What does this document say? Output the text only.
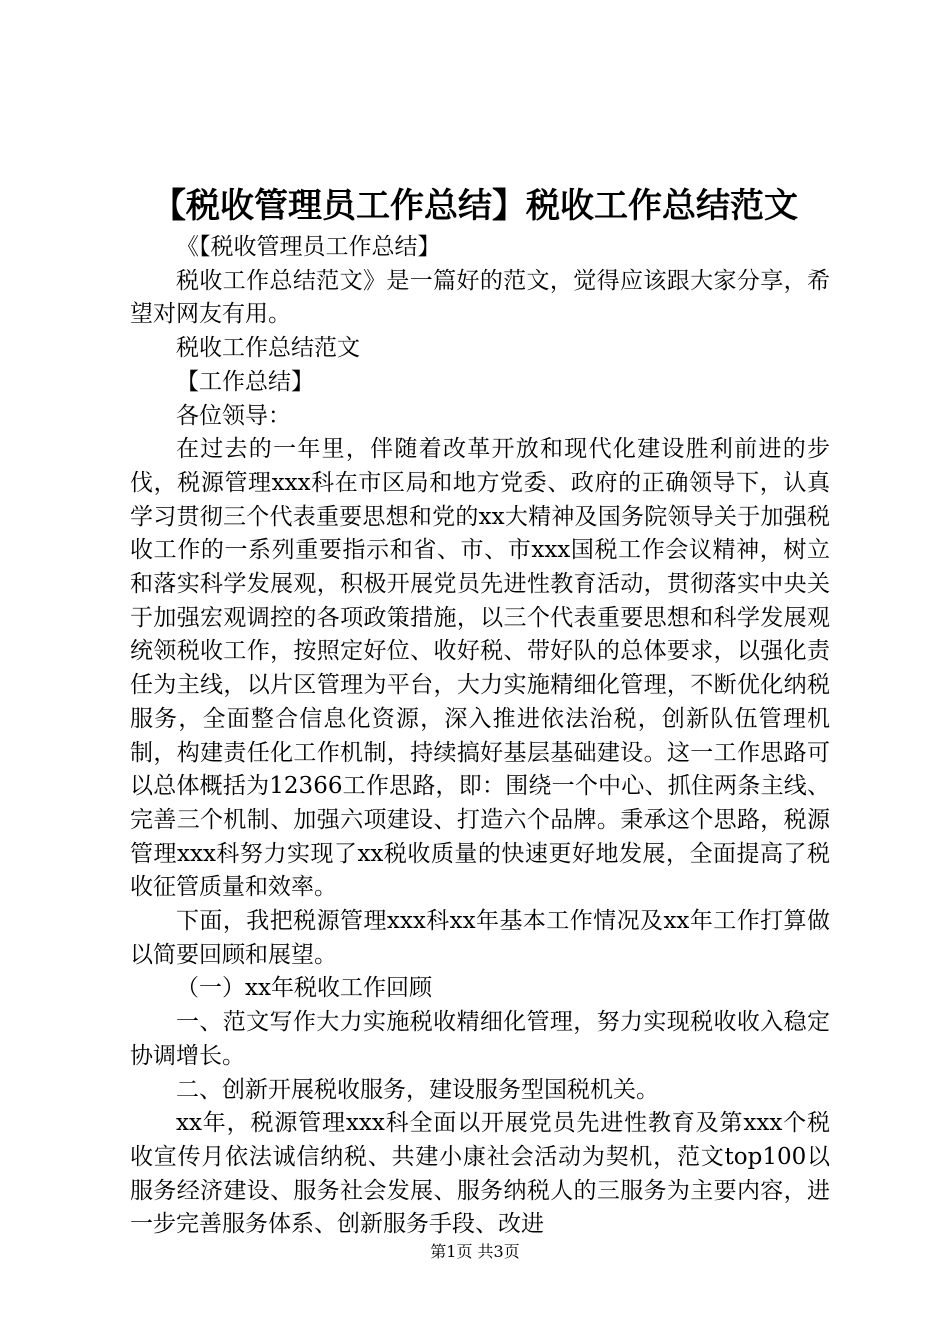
【税收管理员工作总结】税收工作总结范文

《【税收管理员工作总结】

税收工作总结范文》是一篇好的范文，觉得应该跟大家分享，希望对网友有用。

税收工作总结范文

【工作总结】

各位领导：

在过去的一年里，伴随着改革开放和现代化建设胜利前进的步伐，税源管理xxx科在市区局和地方党委、政府的正确领导下，认真学习贯彻三个代表重要思想和党的xx大精神及国务院领导关于加强税收工作的一系列重要指示和省、市、市xxx国税工作会议精神，树立和落实科学发展观，积极开展党员先进性教育活动，贯彻落实中央关于加强宏观调控的各项政策措施，以三个代表重要思想和科学发展观统领税收工作，按照定好位、收好税、带好队的总体要求，以强化责任为主线，以片区管理为平台，大力实施精细化管理，不断优化纳税服务，全面整合信息化资源，深入推进依法治税，创新队伍管理机制，构建责任化工作机制，持续搞好基层基础建设。这一工作思路可以总体概括为12366工作思路，即：围绕一个中心、抓住两条主线、完善三个机制、加强六项建设、打造六个品牌。秉承这个思路，税源管理xxx科努力实现了xx税收质量的快速更好地发展，全面提高了税收征管质量和效率。

下面，我把税源管理xxx科xx年基本工作情况及xx年工作打算做以简要回顾和展望。

（一）xx年税收工作回顾

一、范文写作大力实施税收精细化管理，努力实现税收收入稳定协调增长。

二、创新开展税收服务，建设服务型国税机关。

xx年，税源管理xxx科全面以开展党员先进性教育及第xxx个税收宣传月依法诚信纳税、共建小康社会活动为契机，范文top100以服务经济建设、服务社会发展、服务纳税人的三服务为主要内容，进一步完善服务体系、创新服务手段、改进

第1页 共3页
